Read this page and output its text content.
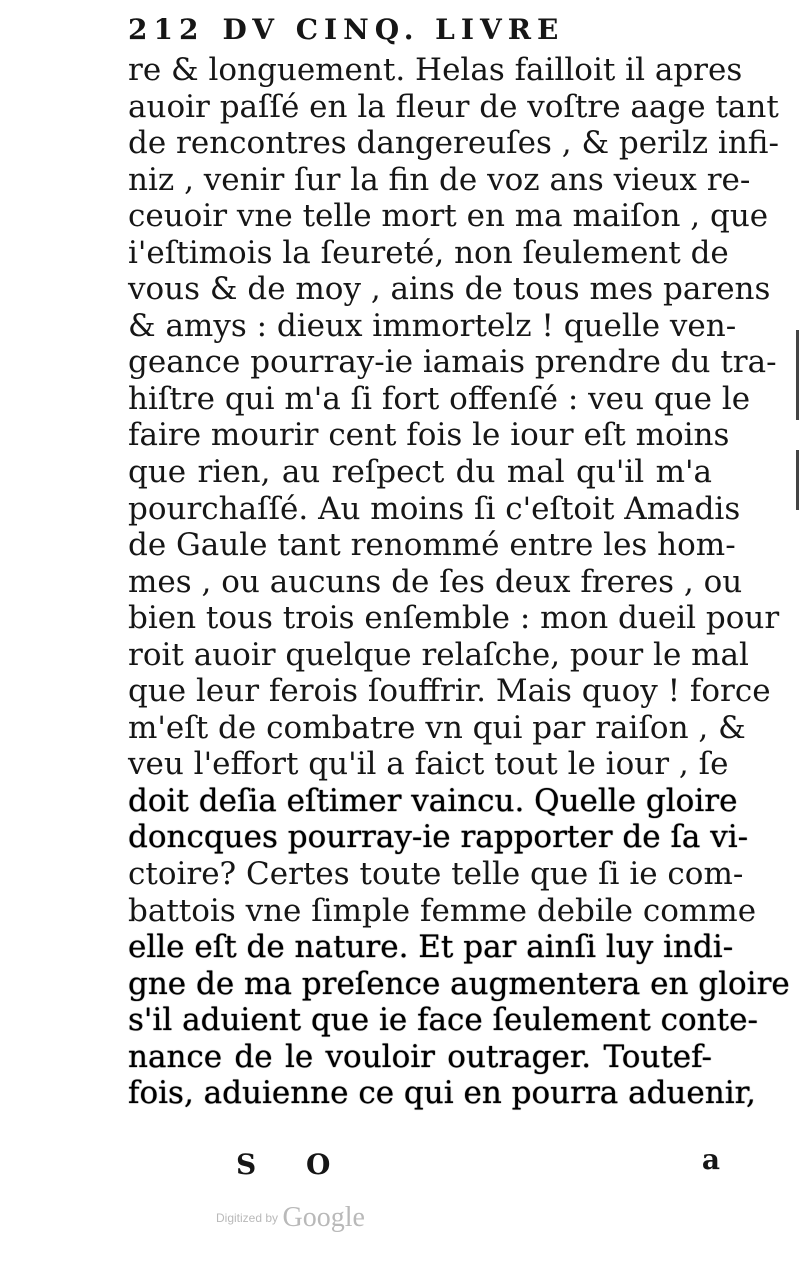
212 DV CINQ. LIVRE
re & longuement. Helas failloit il apres
auoir paſſé en la fleur de voſtre aage tant
de rencontres dangereuſes , & perilz infi-
niz , venir ſur la fin de voz ans vieux re-
ceuoir vne telle mort en ma maiſon , que
i'eſtimois la ſeureté, non ſeulement de
vous & de moy , ains de tous mes parens
& amys : dieux immortelz ! quelle ven-
geance pourray-ie iamais prendre du tra-
hiſtre qui m'a ſi fort offenſé : veu que le
faire mourir cent fois le iour eſt moins
que rien, au reſpect du mal qu'il m'a
pourchaſſé. Au moins ſi c'eſtoit Amadis
de Gaule tant renommé entre les hom-
mes , ou aucuns de ſes deux freres , ou
bien tous trois enſemble : mon dueil pour
roit auoir quelque relaſche, pour le mal
que leur ferois ſouffrir. Mais quoy ! force
m'eſt de combatre vn qui par raiſon , &
veu l'effort qu'il a faict tout le iour , ſe
doit deſia eſtimer vaincu. Quelle gloire
doncques pourray-ie rapporter de ſa vi-
ctoire? Certes toute telle que ſi ie com-
battois vne ſimple femme debile comme
elle eſt de nature. Et par ainſi luy indi-
gne de ma preſence augmentera en gloire
s'il aduient que ie face ſeulement conte-
nance de le vouloir outrager. Toutef-
fois, aduienne ce qui en pourra aduenir,
S O	a
Digitized by Google
